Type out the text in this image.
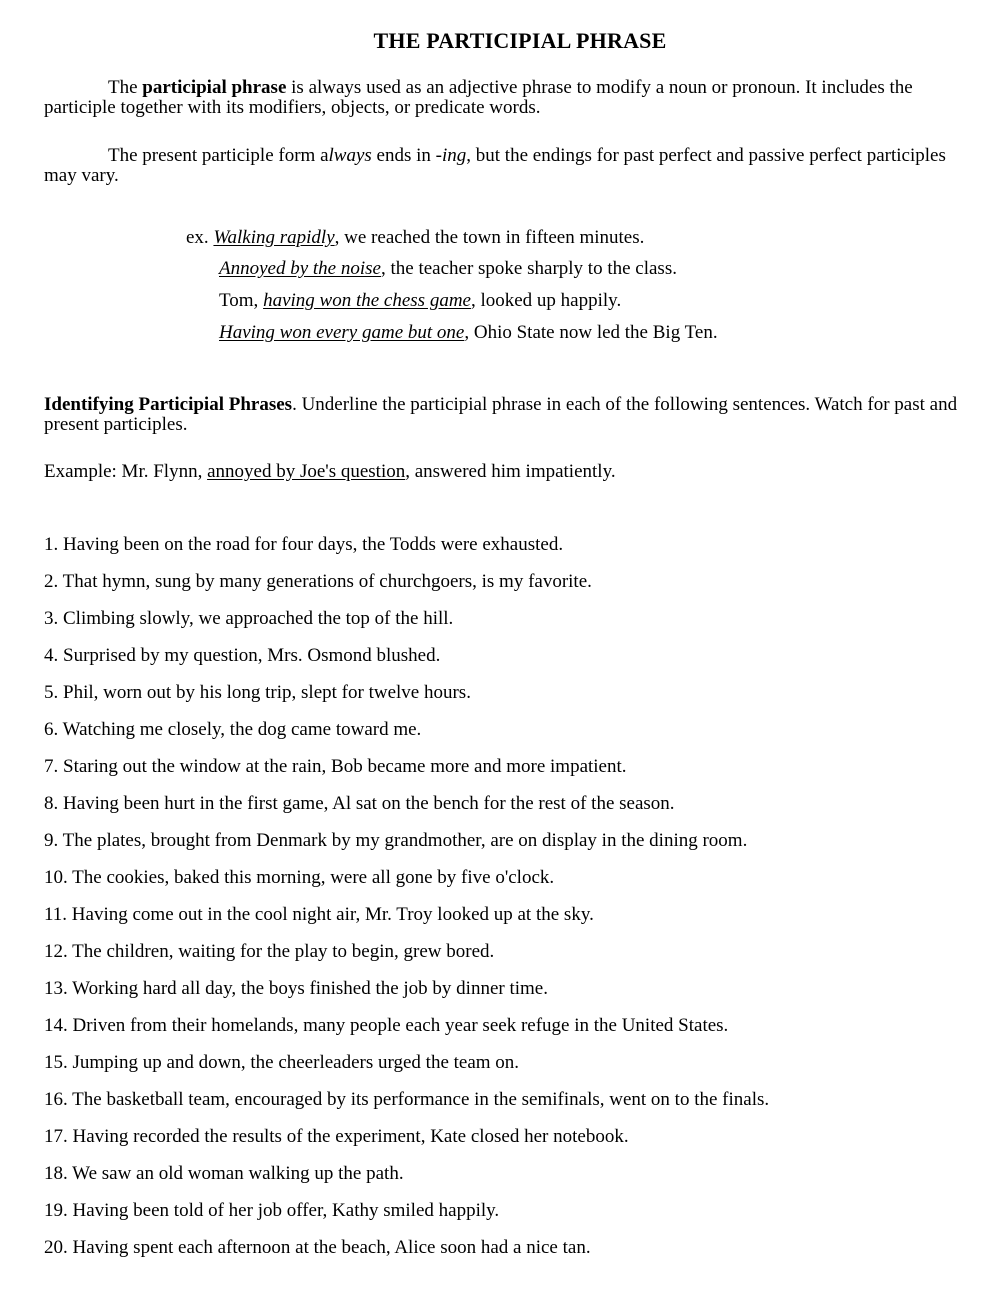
THE PARTICIPIAL PHRASE
The participial phrase is always used as an adjective phrase to modify a noun or pronoun. It includes the participle together with its modifiers, objects, or predicate words.
The present participle form always ends in -ing, but the endings for past perfect and passive perfect participles may vary.
ex. Walking rapidly, we reached the town in fifteen minutes.
Annoyed by the noise, the teacher spoke sharply to the class.
Tom, having won the chess game, looked up happily.
Having won every game but one, Ohio State now led the Big Ten.
Identifying Participial Phrases. Underline the participial phrase in each of the following sentences. Watch for past and present participles.
Example: Mr. Flynn, annoyed by Joe's question, answered him impatiently.
1. Having been on the road for four days, the Todds were exhausted.
2. That hymn, sung by many generations of churchgoers, is my favorite.
3. Climbing slowly, we approached the top of the hill.
4. Surprised by my question, Mrs. Osmond blushed.
5. Phil, worn out by his long trip, slept for twelve hours.
6. Watching me closely, the dog came toward me.
7. Staring out the window at the rain, Bob became more and more impatient.
8. Having been hurt in the first game, Al sat on the bench for the rest of the season.
9. The plates, brought from Denmark by my grandmother, are on display in the dining room.
10. The cookies, baked this morning, were all gone by five o'clock.
11. Having come out in the cool night air, Mr. Troy looked up at the sky.
12. The children, waiting for the play to begin, grew bored.
13. Working hard all day, the boys finished the job by dinner time.
14. Driven from their homelands, many people each year seek refuge in the United States.
15. Jumping up and down, the cheerleaders urged the team on.
16. The basketball team, encouraged by its performance in the semifinals, went on to the finals.
17. Having recorded the results of the experiment, Kate closed her notebook.
18. We saw an old woman walking up the path.
19. Having been told of her job offer, Kathy smiled happily.
20. Having spent each afternoon at the beach, Alice soon had a nice tan.
